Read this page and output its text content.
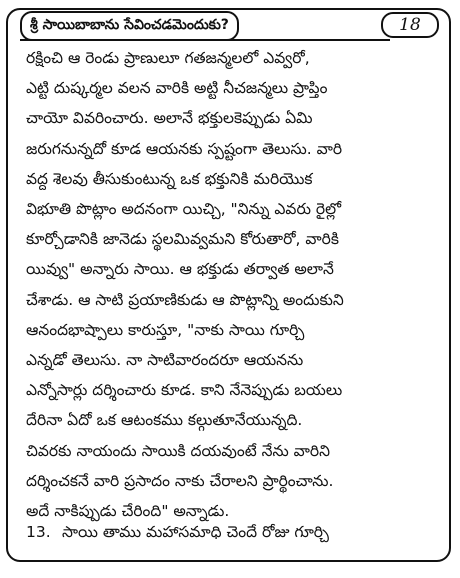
శ్రీ సాయిబాబాను సేవించడమెందుకు?	18
రక్షించి ఆ రెండు ప్రాణులూ గతజన్మలలో ఎవ్వరో,
ఎట్టి దుష్కర్మల వలన వారికి అట్టి నీచజన్మలు ప్రాప్తిం
చాయో వివరించారు. అలానే భక్తులకెప్పుడు ఏమి
జరుగనున్నదో కూడ ఆయనకు స్పష్టంగా తెలుసు. వారి
వద్ద శెలవు తీసుకుంటున్న ఒక భక్తునికి మరియొక
విభూతి పొట్లాం అదనంగా యిచ్చి, "నిన్ను ఎవరు రైల్లో
కూర్చోడానికి జానెడు స్థలమివ్వమని కోరుతారో, వారికి
యివ్వు" అన్నారు సాయి. ఆ భక్తుడు తర్వాత అలానే
చేశాడు. ఆ సాటి ప్రయాణికుడు ఆ పొట్లాన్ని అందుకుని
ఆనందభాష్పాలు కారుస్తూ, "నాకు సాయి గూర్చి
ఎన్నడో తెలుసు. నా సాటివారందరూ ఆయనను
ఎన్నోసార్లు దర్శించారు కూడ. కాని నేనెప్పుడు బయలు
దేరినా ఏదో ఒక ఆటంకము కల్గుతూనేయున్నది.
చివరకు నాయందు సాయికి దయవుంటే నేను వారిని
దర్శించకనే వారి ప్రసాదం నాకు చేరాలని ప్రార్థించాను.
అదే నాకిప్పుడు చేరింది" అన్నాడు.
13. సాయి తాము మహాసమాధి చెందే రోజు గూర్చి
